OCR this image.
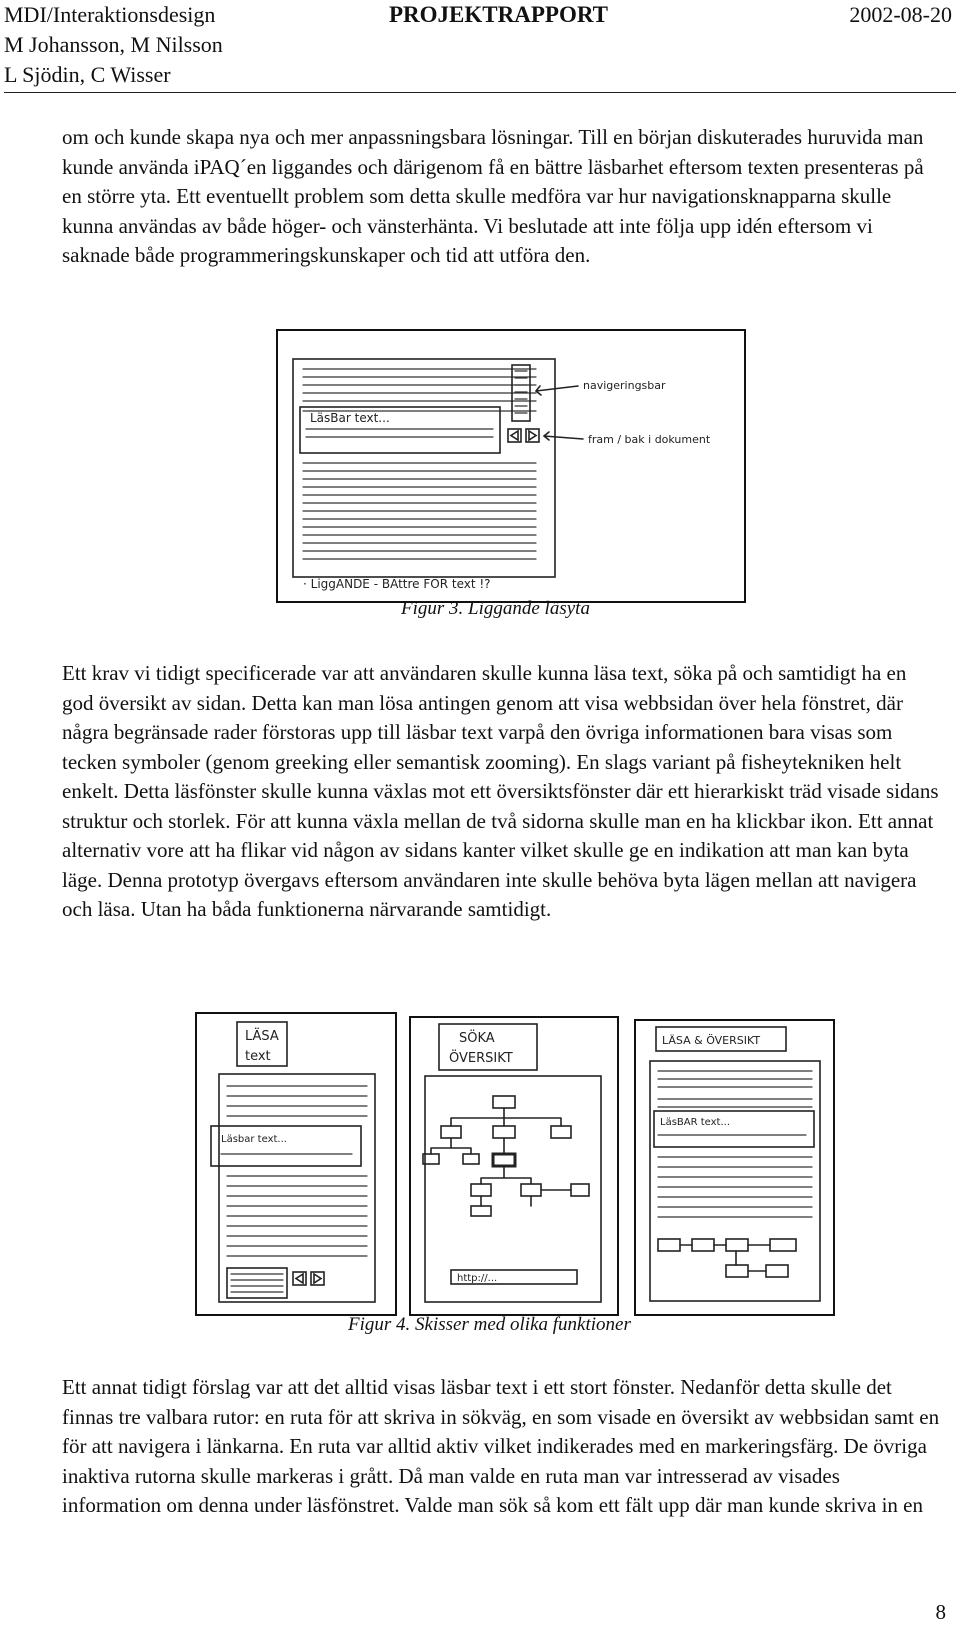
MDI/Interaktionsdesign
M Johansson, M Nilsson
L Sjödin, C Wisser
PROJEKTRAPPORT	2002-08-20

om och kunde skapa nya och mer anpassningsbara lösningar. Till en början diskuterades huruvida man kunde använda iPAQ´en liggandes och därigenom få en bättre läsbarhet eftersom texten presenteras på en större yta. Ett eventuellt problem som detta skulle medföra var hur navigationsknapparna skulle kunna användas av både höger- och vänsterhänta. Vi beslutade att inte följa upp idén eftersom vi saknade både programmeringskunskaper och tid att utföra den.

LäsBar text...
navigeringsbar
fram / bak i dokument
· LiggANDE - BÄttre FÖR text !?
Figur 3. Liggande läsyta

Ett krav vi tidigt specificerade var att användaren skulle kunna läsa text, söka på och samtidigt ha en god översikt av sidan. Detta kan man lösa antingen genom att visa webbsidan över hela fönstret, där några begränsade rader förstoras upp till läsbar text varpå den övriga informationen bara visas som tecken symboler (genom greeking eller semantisk zooming). En slags variant på fisheytekniken helt enkelt. Detta läsfönster skulle kunna växlas mot ett översiktsfönster där ett hierarkiskt träd visade sidans struktur och storlek. För att kunna växla mellan de två sidorna skulle man en ha klickbar ikon. Ett annat alternativ vore att ha flikar vid någon av sidans kanter vilket skulle ge en indikation att man kan byta läge. Denna prototyp övergavs eftersom användaren inte skulle behöva byta lägen mellan att navigera och läsa. Utan ha båda funktionerna närvarande samtidigt.

LÄSA
text
Läsbar text...
SÖKA
ÖVERSIKT
http://...
LÄSA & ÖVERSIKT
LäsBAR text...
Figur 4. Skisser med olika funktioner

Ett annat tidigt förslag var att det alltid visas läsbar text i ett stort fönster. Nedanför detta skulle det finnas tre valbara rutor: en ruta för att skriva in sökväg, en som visade en översikt av webbsidan samt en för att navigera i länkarna. En ruta var alltid aktiv vilket indikerades med en markeringsfärg. De övriga inaktiva rutorna skulle markeras i grått. Då man valde en ruta man var intresserad av visades information om denna under läsfönstret. Valde man sök så kom ett fält upp där man kunde skriva in en

8
